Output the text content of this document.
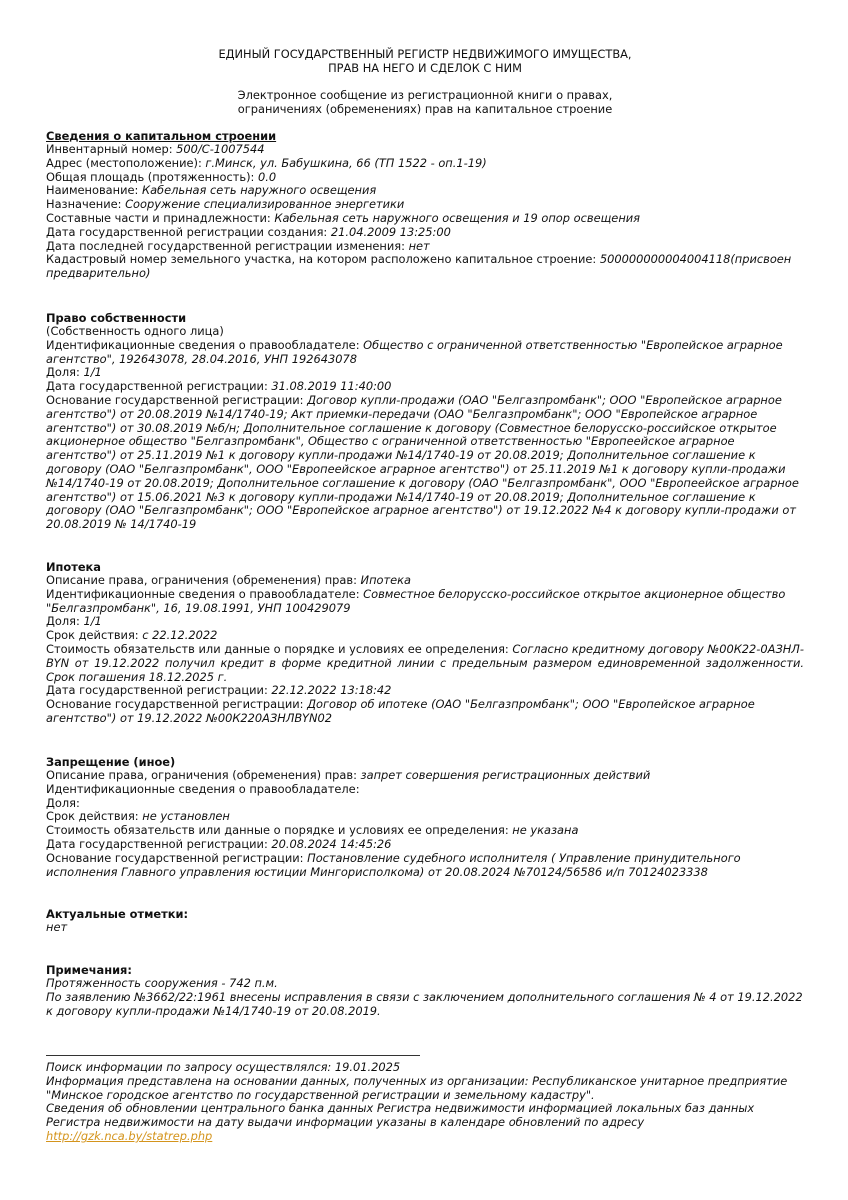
ЕДИНЫЙ ГОСУДАРСТВЕННЫЙ РЕГИСТР НЕДВИЖИМОГО ИМУЩЕСТВА,
ПРАВ НА НЕГО И СДЕЛОК С НИМ
Электронное сообщение из регистрационной книги о правах,
ограничениях (обременениях) прав на капитальное строение
Сведения о капитальном строении
Инвентарный номер: 500/C-1007544
Адрес (местоположение): г.Минск, ул. Бабушкина, 66 (ТП 1522 - оп.1-19)
Общая площадь (протяженность): 0.0
Наименование: Кабельная сеть наружного освещения
Назначение: Сооружение специализированное энергетики
Составные части и принадлежности: Кабельная сеть наружного освещения и 19 опор освещения
Дата государственной регистрации создания: 21.04.2009 13:25:00
Дата последней государственной регистрации изменения: нет
Кадастровый номер земельного участка, на котором расположено капитальное строение: 500000000004004118(присвоен предварительно)
Право собственности
(Собственность одного лица)
Идентификационные сведения о правообладателе: Общество с ограниченной ответственностью "Европейское аграрное агентство", 192643078, 28.04.2016, УНП 192643078
Доля: 1/1
Дата государственной регистрации: 31.08.2019 11:40:00
Основание государственной регистрации: Договор купли-продажи (ОАО "Белгазпромбанк"; ООО "Европейское аграрное агентство") от 20.08.2019 №14/1740-19; Акт приемки-передачи (ОАО "Белгазпромбанк"; ООО "Европейское аграрное агентство") от 30.08.2019 №б/н; Дополнительное соглашение к договору (Совместное белорусско-российское открытое акционерное общество "Белгазпромбанк", Общество с ограниченной ответственностью "Европеейское аграрное агентство") от 25.11.2019 №1 к договору купли-продажи №14/1740-19 от 20.08.2019; Дополнительное соглашение к договору (ОАО "Белгазпромбанк", ООО "Европеейское аграрное агентство") от 25.11.2019 №1 к договору купли-продажи №14/1740-19 от 20.08.2019; Дополнительное соглашение к договору (ОАО "Белгазпромбанк", ООО "Европеейское аграрное агентство") от 15.06.2021 №3 к договору купли-продажи №14/1740-19 от 20.08.2019; Дополнительное соглашение к договору (ОАО "Белгазпромбанк"; ООО "Европейское аграрное агентство") от 19.12.2022 №4 к договору купли-продажи от 20.08.2019 № 14/1740-19
Ипотека
Описание права, ограничения (обременения) прав: Ипотека
Идентификационные сведения о правообладателе: Совместное белорусско-российское открытое акционерное общество "Белгазпромбанк", 16, 19.08.1991, УНП 100429079
Доля: 1/1
Срок действия: с 22.12.2022
Стоимость обязательств или данные о порядке и условиях ее определения: Согласно кредитному договору №00К22-0АЗНЛ-BYN от 19.12.2022 получил кредит в форме кредитной линии с предельным размером единовременной задолженности. Срок погашения 18.12.2025 г.
Дата государственной регистрации: 22.12.2022 13:18:42
Основание государственной регистрации: Договор об ипотеке (ОАО "Белгазпромбанк"; ООО "Европейское аграрное агентство") от 19.12.2022 №00К220АЗНЛBYN02
Запрещение (иное)
Описание права, ограничения (обременения) прав: запрет совершения регистрационных действий
Идентификационные сведения о правообладателе:
Доля:
Срок действия: не установлен
Стоимость обязательств или данные о порядке и условиях ее определения: не указана
Дата государственной регистрации: 20.08.2024 14:45:26
Основание государственной регистрации: Постановление судебного исполнителя ( Управление принудительного исполнения Главного управления юстиции Мингорисполкома) от 20.08.2024 №70124/56586 и/п 70124023338
Актуальные отметки:
нет
Примечания:
Протяженность сооружения - 742 п.м.
По заявлению №3662/22:1961 внесены исправления в связи с заключением дополнительного соглашения № 4 от 19.12.2022 к договору купли-продажи №14/1740-19 от 20.08.2019.
Поиск информации по запросу осуществлялся: 19.01.2025
Информация представлена на основании данных, полученных из организации: Республиканское унитарное предприятие "Минское городское агентство по государственной регистрации и земельному кадастру".
Сведения об обновлении центрального банка данных Регистра недвижимости информацией локальных баз данных Регистра недвижимости на дату выдачи информации указаны в календаре обновлений по адресу
http://gzk.nca.by/statrep.php
